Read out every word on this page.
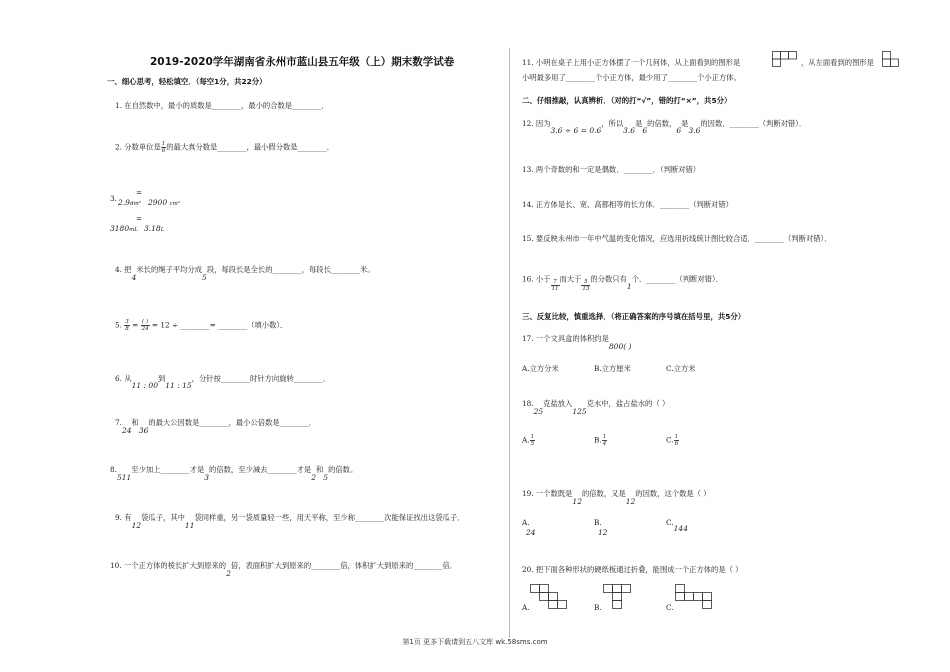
2019-2020学年湖南省永州市蓝山县五年级（上）期末数学试卷
一、细心思考，轻松填空．（每空1分，共22分）
1. 在自然数中，最小的质数是________，最小的合数是________．
2. 分数单位是 $\frac{1}{6}$ 的最大真分数是________，最小假分数是________．
3. 2.9dm³
=
2900 cm³
3180mL
=
3.18L
4. 把4米长的绳子平均分成5段，每段长是全长的________，每段长________米。
5. $\frac{3}{8} = \frac{( )}{24} = 12$ ÷ ________= ________（填小数）．
6. 从11 : 00到11 : 15，分针按________时针方向旋转________．
7.24和36的最大公因数是________，最小公倍数是________．
8.511至少加上________才是3的倍数，至少减去________才是2和5的倍数。
9. 有12袋瓜子，其中11袋同样重，另一袋质量轻一些，用天平称，至少称________次能保证找出这袋瓜子．
10. 一个正方体的棱长扩大到原来的2倍，表面积扩大到原来的________倍，体积扩大到原来的________倍．
11. 小明在桌子上用小正方体摆了一个几何体，从上面看到的图形是	，从左面看到的图形是
小明最多用了________个小正方体，最少用了________个小正方体。
二、仔细推敲，认真辨析．（对的打“√”，错的打“×”，共5分）
12. 因为3.6 ÷ 6 = 0.6，所以3.6是6的倍数，6是3.6的因数．________（判断对错）．
13. 两个奇数的和一定是偶数．________．（判断对错）
14. 正方体是长、宽、高都相等的长方体．________（判断对错）
15. 要反映永州市一年中气温的变化情况，应选用折线统计图比较合适．________（判断对错）．
16. 小于 $\frac{7}{11}$ 而大于 $\frac{5}{13}$ 的分数只有1个．________（判断对错）．
三、反复比较，慎重选择．（将正确答案的序号填在括号里，共5分）
17. 一个文具盒的体积约是800( )
A.立方分米	B.立方厘米	C.立方米
18.25克盐放入125克水中，盐占盐水的（ ）
A. $\frac{1}{5}$	B. $\frac{1}{4}$	C. $\frac{1}{6}$
19. 一个数既是12的倍数，又是12的因数，这个数是（ ）
A.
24
B.
12
C.144
20. 把下面各种形状的硬纸板通过折叠，能围成一个正方体的是（ ）
A.	B.	C.
第1页 更多下载请到五八文库 wk.58sms.com
